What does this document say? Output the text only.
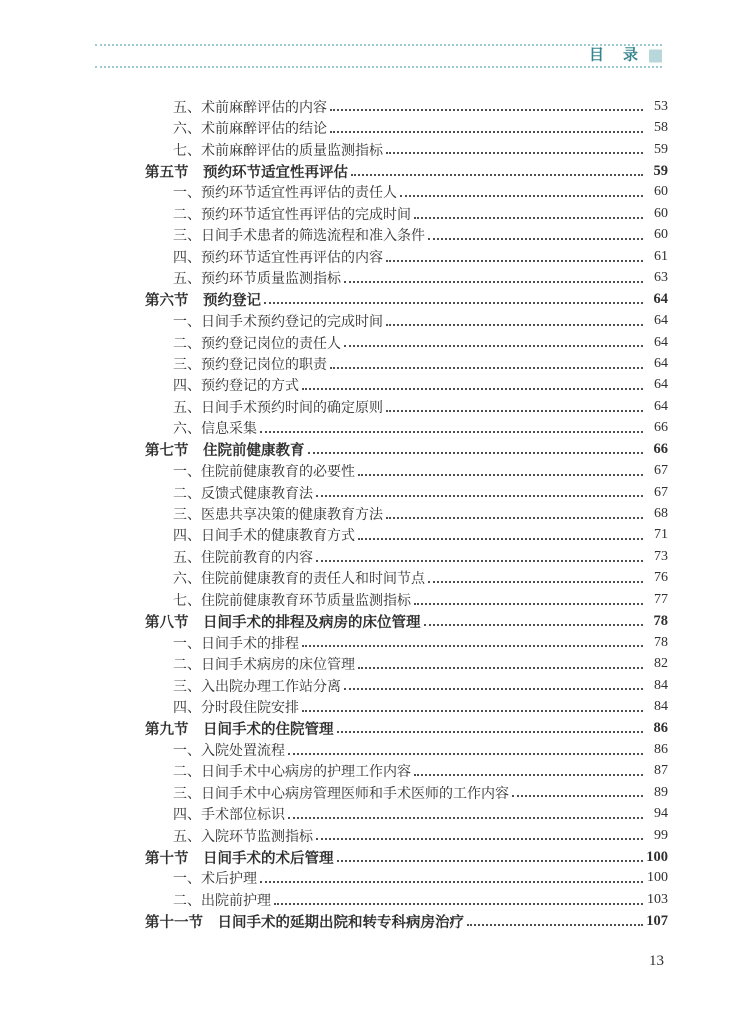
目　录
五、术前麻醉评估的内容	53
六、术前麻醉评估的结论	58
七、术前麻醉评估的质量监测指标	59
第五节　预约环节适宜性再评估	59
一、预约环节适宜性再评估的责任人	60
二、预约环节适宜性再评估的完成时间	60
三、日间手术患者的筛选流程和准入条件	60
四、预约环节适宜性再评估的内容	61
五、预约环节质量监测指标	63
第六节　预约登记	64
一、日间手术预约登记的完成时间	64
二、预约登记岗位的责任人	64
三、预约登记岗位的职责	64
四、预约登记的方式	64
五、日间手术预约时间的确定原则	64
六、信息采集	66
第七节　住院前健康教育	66
一、住院前健康教育的必要性	67
二、反馈式健康教育法	67
三、医患共享决策的健康教育方法	68
四、日间手术的健康教育方式	71
五、住院前教育的内容	73
六、住院前健康教育的责任人和时间节点	76
七、住院前健康教育环节质量监测指标	77
第八节　日间手术的排程及病房的床位管理	78
一、日间手术的排程	78
二、日间手术病房的床位管理	82
三、入出院办理工作站分离	84
四、分时段住院安排	84
第九节　日间手术的住院管理	86
一、入院处置流程	86
二、日间手术中心病房的护理工作内容	87
三、日间手术中心病房管理医师和手术医师的工作内容	89
四、手术部位标识	94
五、入院环节监测指标	99
第十节　日间手术的术后管理	100
一、术后护理	100
二、出院前护理	103
第十一节　日间手术的延期出院和转专科病房治疗	107
13
